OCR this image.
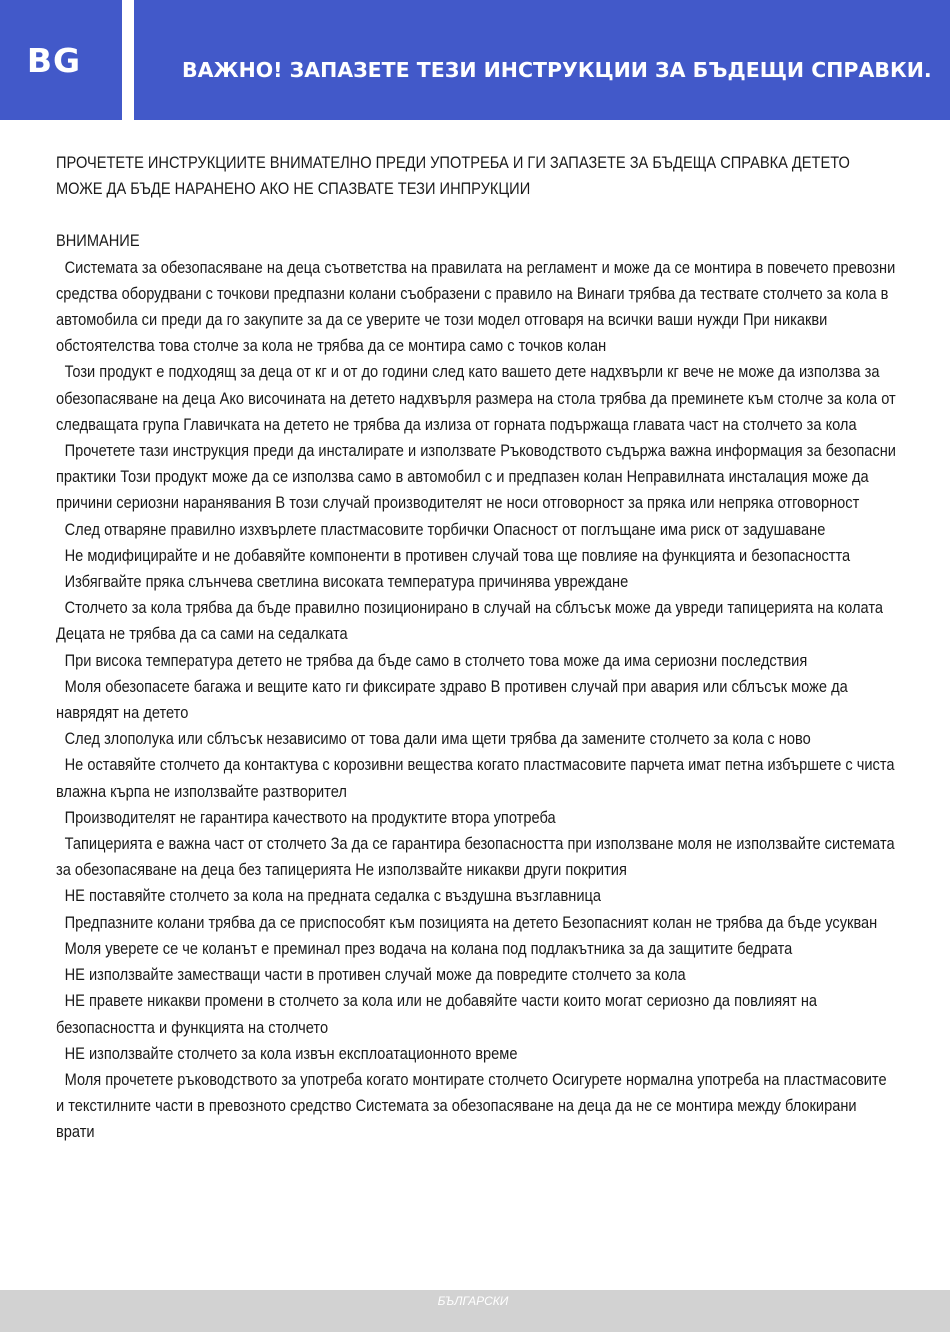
BG	ВАЖНО! ЗАПАЗЕТЕ ТЕЗИ ИНСТРУКЦИИ ЗА БЪДЕЩИ СПРАВКИ.

ПРОЧЕТЕТЕ ИНСТРУКЦИИТЕ ВНИМАТЕЛНО ПРЕДИ УПОТРЕБА И ГИ ЗАПАЗЕТЕ ЗА БЪДЕЩА СПРАВКА ДЕТЕТО МОЖЕ ДА БЪДЕ НАРАНЕНО АКО НЕ СПАЗВАТЕ ТЕЗИ ИНПРУКЦИИ

ВНИМАНИЕ

Системата за обезопасяване на деца съответства на правилата на регламент и може да се монтира в повечето превозни средства оборудвани с точкови предпазни колани съобразени с правило на Винаги трябва да тествате столчето за кола в автомобила си преди да го закупите за да се уверите че този модел отговаря на всички ваши нужди При никакви обстоятелства това столче за кола не трябва да се монтира само с точков колан

Този продукт е подходящ за деца от кг и от до години след като вашето дете надхвърли кг вече не може да използва за обезопасяване на деца Ако височината на детето надхвърля размера на стола трябва да преминете към столче за кола от следващата група Главичката на детето не трябва да излиза от горната подържаща главата част на столчето за кола

Прочетете тази инструкция преди да инсталирате и използвате Ръководството съдържа важна информация за безопасни практики Този продукт може да се използва само в автомобил с и предпазен колан Неправилната инсталация може да причини сериозни наранявания В този случай производителят не носи отговорност за пряка или непряка отговорност

След отваряне правилно изхвърлете пластмасовите торбички Опасност от поглъщане има риск от задушаване

Не модифицирайте и не добавяйте компоненти в противен случай това ще повлияе на функцията и безопасността

Избягвайте пряка слънчева светлина високата температура причинява увреждане

Столчето за кола трябва да бъде правилно позиционирано в случай на сблъсък може да увреди тапицерията на колата Децата не трябва да са сами на седалката

При висока температура детето не трябва да бъде само в столчето това може да има сериозни последствия

Моля обезопасете багажа и вещите като ги фиксирате здраво В противен случай при авария или сблъсък може да наврядят на детето

След злополука или сблъсък независимо от това дали има щети трябва да замените столчето за кола с ново

Не оставяйте столчето да контактува с корозивни вещества когато пластмасовите парчета имат петна избършете с чиста влажна кърпа не използвайте разтворител

Производителят не гарантира качеството на продуктите втора употреба

Тапицерията е важна част от столчето За да се гарантира безопасността при използване моля не използвайте системата за обезопасяване на деца без тапицерията Не използвайте никакви други покрития

НЕ поставяйте столчето за кола на предната седалка с въздушна възглавница

Предпазните колани трябва да се приспособят към позицията на детето Безопасният колан не трябва да бъде усукван

Моля уверете се че коланът е преминал през водача на колана под подлакътника за да защитите бедрата

НЕ използвайте заместващи части в противен случай може да повредите столчето за кола

НЕ правете никакви промени в столчето за кола или не добавяйте части които могат сериозно да повлияят на безопасността и функцията на столчето

НЕ използвайте столчето за кола извън експлоатационното време

Моля прочетете ръководството за употреба когато монтирате столчето Осигурете нормална употреба на пластмасовите и текстилните части в превозното средство Системата за обезопасяване на деца да не се монтира между блокирани врати

БЪЛГАРСКИ
